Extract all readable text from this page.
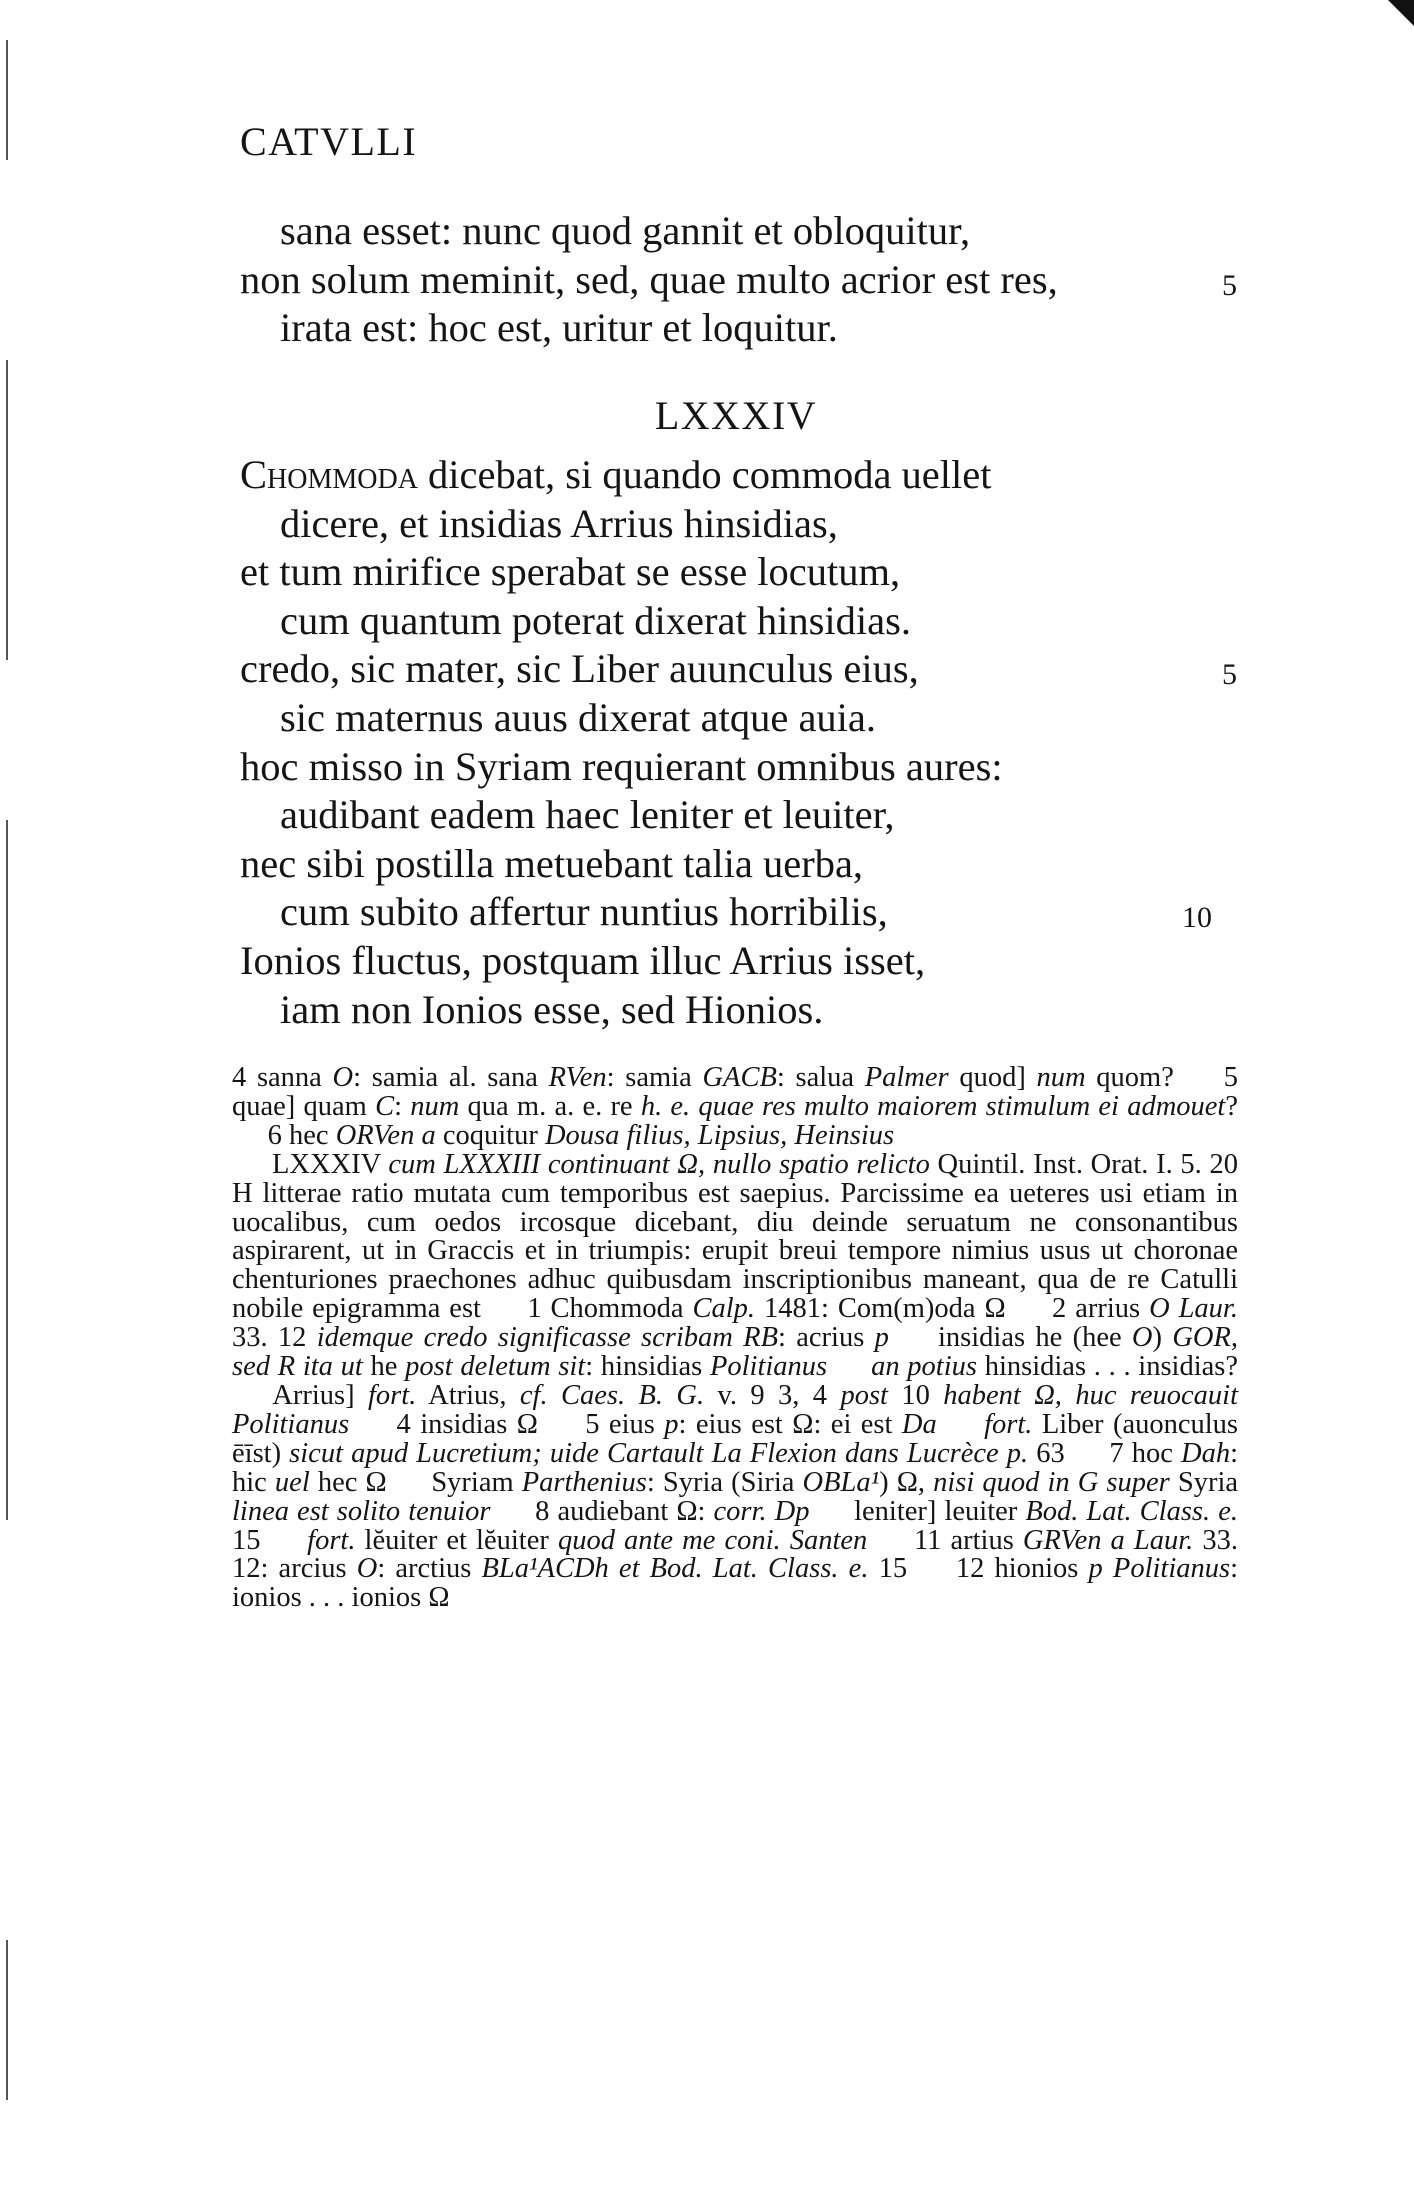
CATVLLI
sana esset: nunc quod gannit et obloquitur,
non solum meminit, sed, quae multo acrior est res,	5
irata est: hoc est, uritur et loquitur.
LXXXIV
Chommoda dicebat, si quando commoda uellet
dicere, et insidias Arrius hinsidias,
et tum mirifice sperabat se esse locutum,
cum quantum poterat dixerat hinsidias.
credo, sic mater, sic Liber auunculus eius,	5
sic maternus auus dixerat atque auia.
hoc misso in Syriam requierant omnibus aures:
audibant eadem haec leniter et leuiter,
nec sibi postilla metuebant talia uerba,
cum subito affertur nuntius horribilis,	10
Ionios fluctus, postquam illuc Arrius isset,
iam non Ionios esse, sed Hionios.
4 sanna O: samia al. sana RVen: samia GACB: salua Palmer quod] num quom?   5 quae] quam C: num qua m. a. e. re h. e. quae res multo maiorem stimulum ei admouet?   6 hec ORVen a coquitur Dousa filius, Lipsius, Heinsius
LXXXIV cum LXXXIII continuant Ω, nullo spatio relicto Quintil. Inst. Orat. I. 5. 20 H litterae ratio mutata cum temporibus est saepius. Parcissime ea ueteres usi etiam in uocalibus, cum oedos ircosque dicebant, diu deinde seruatum ne consonantibus aspirarent, ut in Graccis et in triumpis: erupit breui tempore nimius usus ut choronae chenturiones praechones adhuc quibusdam inscriptionibus maneant, qua de re Catulli nobile epigramma est   1 Chommoda Calp. 1481: Com(m)oda Ω   2 arrius O Laur. 33. 12 idemque credo significasse scribam RB: acrius p   insidias he (hee O) GOR, sed R ita ut he post deletum sit: hinsidias Politianus   an potius hinsidias . . . insidias?   Arrius] fort. Atrius, cf. Caes. B. G. v. 9 3, 4 post 10 habent Ω, huc reuocauit Politianus   4 insidias Ω   5 eius p: eius est Ω: ei est Da   fort. Liber (auonculus ēīst) sicut apud Lucretium; uide Cartault La Flexion dans Lucrèce p. 63   7 hoc Dah: hic uel hec Ω   Syriam Parthenius: Syria (Siria OBLa¹) Ω, nisi quod in G super Syria linea est solito tenuior   8 audiebant Ω: corr. Dp   leniter] leuiter Bod. Lat. Class. e. 15   fort. lĕuiter et lĕuiter quod ante me coni. Santen   11 artius GRVen a Laur. 33. 12: arcius O: arctius BLa¹ACDh et Bod. Lat. Class. e. 15   12 hionios p Politianus: ionios . . . ionios Ω
